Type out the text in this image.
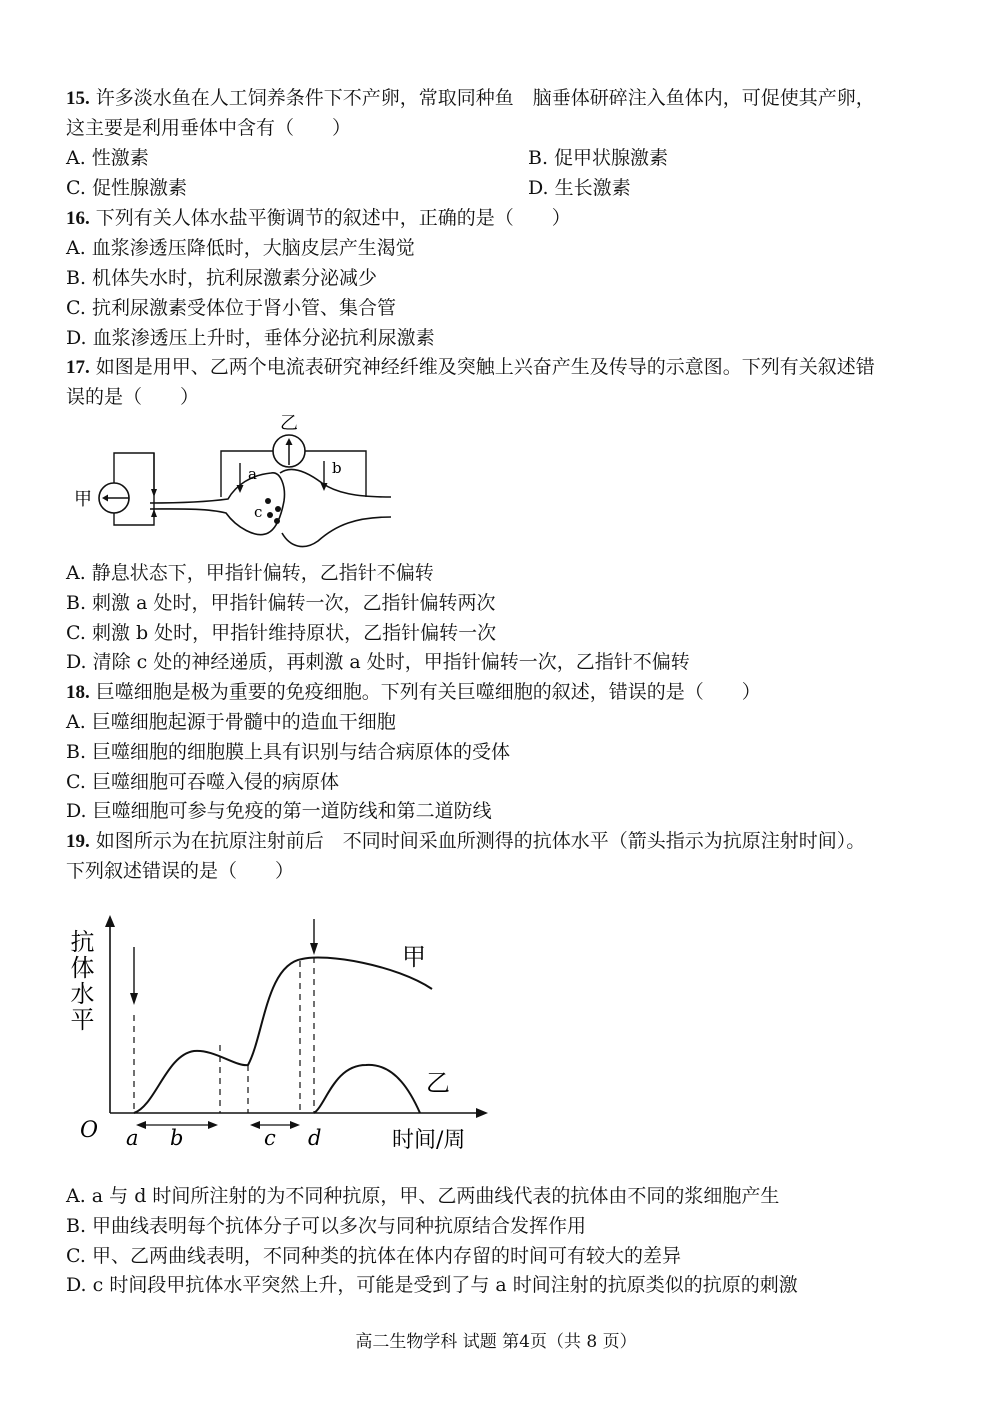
15. 许多淡水鱼在人工饲养条件下不产卵，常取同种鱼　脑垂体研碎注入鱼体内，可促使其产卵，
这主要是利用垂体中含有（　　）
A. 性激素	B. 促甲状腺激素
C. 促性腺激素	D. 生长激素
16. 下列有关人体水盐平衡调节的叙述中，正确的是（　　）
A. 血浆渗透压降低时，大脑皮层产生渴觉
B. 机体失水时，抗利尿激素分泌减少
C. 抗利尿激素受体位于肾小管、集合管
D. 血浆渗透压上升时，垂体分泌抗利尿激素
17. 如图是用甲、乙两个电流表研究神经纤维及突触上兴奋产生及传导的示意图。下列有关叙述错
误的是（　　）
甲
乙
a	b
c
A. 静息状态下，甲指针偏转，乙指针不偏转
B. 刺激 a 处时，甲指针偏转一次，乙指针偏转两次
C. 刺激 b 处时，甲指针维持原状，乙指针偏转一次
D. 清除 c 处的神经递质，再刺激 a 处时，甲指针偏转一次，乙指针不偏转
18. 巨噬细胞是极为重要的免疫细胞。下列有关巨噬细胞的叙述，错误的是（　　）
A. 巨噬细胞起源于骨髓中的造血干细胞
B. 巨噬细胞的细胞膜上具有识别与结合病原体的受体
C. 巨噬细胞可吞噬入侵的病原体
D. 巨噬细胞可参与免疫的第一道防线和第二道防线
19. 如图所示为在抗原注射前后　不同时间采血所测得的抗体水平（箭头指示为抗原注射时间）。
下列叙述错误的是（　　）
抗体水平
O	时间/周
甲
乙
a b	c d
A. a 与 d 时间所注射的为不同种抗原，甲、乙两曲线代表的抗体由不同的浆细胞产生
B. 甲曲线表明每个抗体分子可以多次与同种抗原结合发挥作用
C. 甲、乙两曲线表明，不同种类的抗体在体内存留的时间可有较大的差异
D. c 时间段甲抗体水平突然上升，可能是受到了与 a 时间注射的抗原类似的抗原的刺激
高二生物学科 试题 第4页（共 8 页）
